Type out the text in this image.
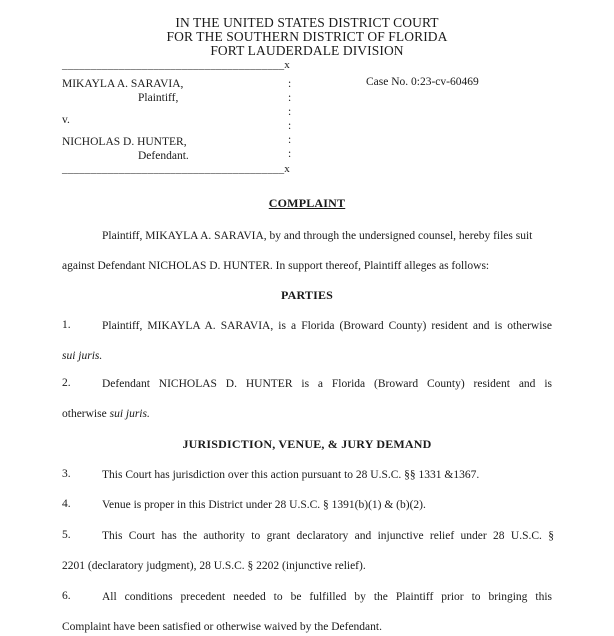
IN THE UNITED STATES DISTRICT COURT
FOR THE SOUTHERN DISTRICT OF FLORIDA
FORT LAUDERDALE DIVISION
_______________________________________x
MIKAYLA A. SARAVIA,
Plaintiff,
v.
NICHOLAS D. HUNTER,
Defendant.
_______________________________________x
:
:
:
:
:
:
Case No. 0:23-cv-60469
COMPLAINT
Plaintiff, MIKAYLA A. SARAVIA, by and through the undersigned counsel, hereby files suit
against Defendant NICHOLAS D. HUNTER. In support thereof, Plaintiff alleges as follows:
PARTIES
1.	Plaintiff, MIKAYLA A. SARAVIA, is a Florida (Broward County) resident and is otherwise
sui juris.
2.	Defendant NICHOLAS D. HUNTER is a Florida (Broward County) resident and is
otherwise sui juris.
JURISDICTION, VENUE, & JURY DEMAND
3.	This Court has jurisdiction over this action pursuant to 28 U.S.C. §§ 1331 &1367.
4.	Venue is proper in this District under 28 U.S.C. § 1391(b)(1) & (b)(2).
5.	This Court has the authority to grant declaratory and injunctive relief under 28 U.S.C. §
2201 (declaratory judgment), 28 U.S.C. § 2202 (injunctive relief).
6.	All conditions precedent needed to be fulfilled by the Plaintiff prior to bringing this
Complaint have been satisfied or otherwise waived by the Defendant.
